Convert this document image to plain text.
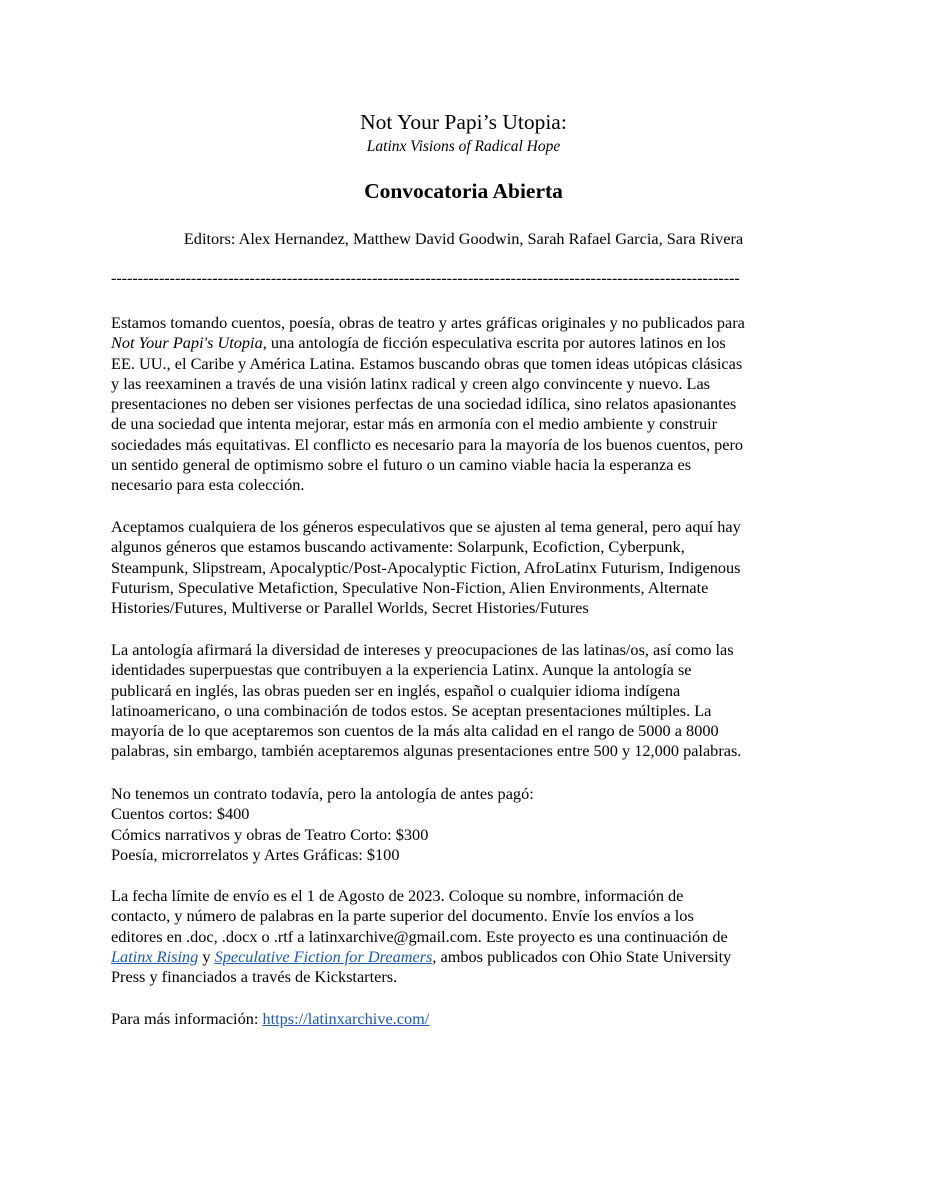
Not Your Papi’s Utopia:
Latinx Visions of Radical Hope
Convocatoria Abierta
Editors: Alex Hernandez, Matthew David Goodwin, Sarah Rafael Garcia, Sara Rivera
----------------------------------------------------------------------------------------------------------------------
Estamos tomando cuentos, poesía, obras de teatro y artes gráficas originales y no publicados para
Not Your Papi's Utopia, una antología de ficción especulativa escrita por autores latinos en los
EE. UU., el Caribe y América Latina. Estamos buscando obras que tomen ideas utópicas clásicas
y las reexaminen a través de una visión latinx radical y creen algo convincente y nuevo. Las
presentaciones no deben ser visiones perfectas de una sociedad idílica, sino relatos apasionantes
de una sociedad que intenta mejorar, estar más en armonía con el medio ambiente y construir
sociedades más equitativas. El conflicto es necesario para la mayoría de los buenos cuentos, pero
un sentido general de optimismo sobre el futuro o un camino viable hacia la esperanza es
necesario para esta colección.
Aceptamos cualquiera de los géneros especulativos que se ajusten al tema general, pero aquí hay
algunos géneros que estamos buscando activamente: Solarpunk, Ecofiction, Cyberpunk,
Steampunk, Slipstream, Apocalyptic/Post-Apocalyptic Fiction, AfroLatinx Futurism, Indigenous
Futurism, Speculative Metafiction, Speculative Non-Fiction, Alien Environments, Alternate
Histories/Futures, Multiverse or Parallel Worlds, Secret Histories/Futures
La antología afirmará la diversidad de intereses y preocupaciones de las latinas/os, así como las
identidades superpuestas que contribuyen a la experiencia Latinx. Aunque la antología se
publicará en inglés, las obras pueden ser en inglés, español o cualquier idioma indígena
latinoamericano, o una combinación de todos estos. Se aceptan presentaciones múltiples. La
mayoría de lo que aceptaremos son cuentos de la más alta calidad en el rango de 5000 a 8000
palabras, sin embargo, también aceptaremos algunas presentaciones entre 500 y 12,000 palabras.
No tenemos un contrato todavía, pero la antología de antes pagó:
Cuentos cortos: $400
Cómics narrativos y obras de Teatro Corto: $300
Poesía, microrrelatos y Artes Gráficas: $100
La fecha límite de envío es el 1 de Agosto de 2023. Coloque su nombre, información de
contacto, y número de palabras en la parte superior del documento. Envíe los envíos a los
editores en .doc, .docx o .rtf a latinxarchive@gmail.com. Este proyecto es una continuación de
Latinx Rising y Speculative Fiction for Dreamers, ambos publicados con Ohio State University
Press y financiados a través de Kickstarters.
Para más información: https://latinxarchive.com/
